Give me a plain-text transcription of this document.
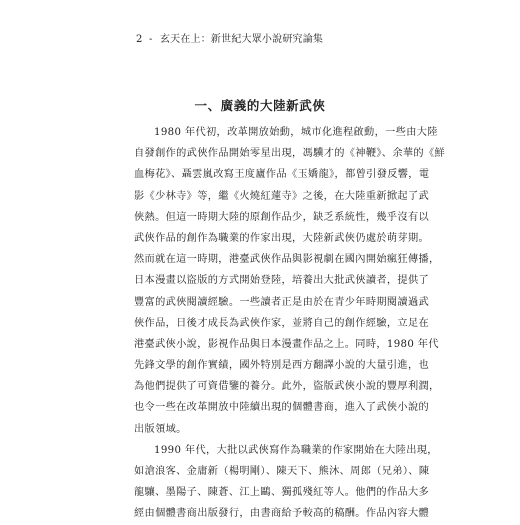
2 - 玄天在上：新世紀大眾小說研究論集
一、廣義的大陸新武俠
1980 年代初，改革開放始動，城市化進程啟動，一些由大陸
自發創作的武俠作品開始零星出現，馮驥才的《神鞭》、余華的《鮮
血梅花》、聶雲嵐改寫王度廬作品《玉嬌龍》，都曾引發反響，電
影《少林寺》等，繼《火燒紅蓮寺》之後，在大陸重新掀起了武
俠熱。但這一時期大陸的原創作品少，缺乏系統性，幾乎沒有以
武俠作品的創作為職業的作家出現，大陸新武俠仍處於萌芽期。
然而就在這一時期，港臺武俠作品與影視劇在國內開始瘋狂傳播，
日本漫畫以盜版的方式開始登陸，培養出大批武俠讀者，提供了
豐富的武俠閱讀經驗。一些讀者正是由於在青少年時期閱讀過武
俠作品，日後才成長為武俠作家，並將自己的創作經驗，立足在
港臺武俠小說，影視作品與日本漫畫作品之上。同時，1980 年代
先鋒文學的創作實績，國外特別是西方翻譯小說的大量引進，也
為他們提供了可資借鑒的養分。此外，盜版武俠小說的豐厚利潤，
也令一些在改革開放中陸續出現的個體書商，進入了武俠小說的
出版領域。
1990 年代，大批以武俠寫作為職業的作家開始在大陸出現，
如滄浪客、金庸新（楊明剛）、陳天下、熊沐、周郎（兄弟）、陳
龍驤、墨陽子、陳蒼、江上鷗、獨孤殘紅等人。他們的作品大多
經由個體書商出版發行，由書商給予較高的稿酬。作品內容大體
